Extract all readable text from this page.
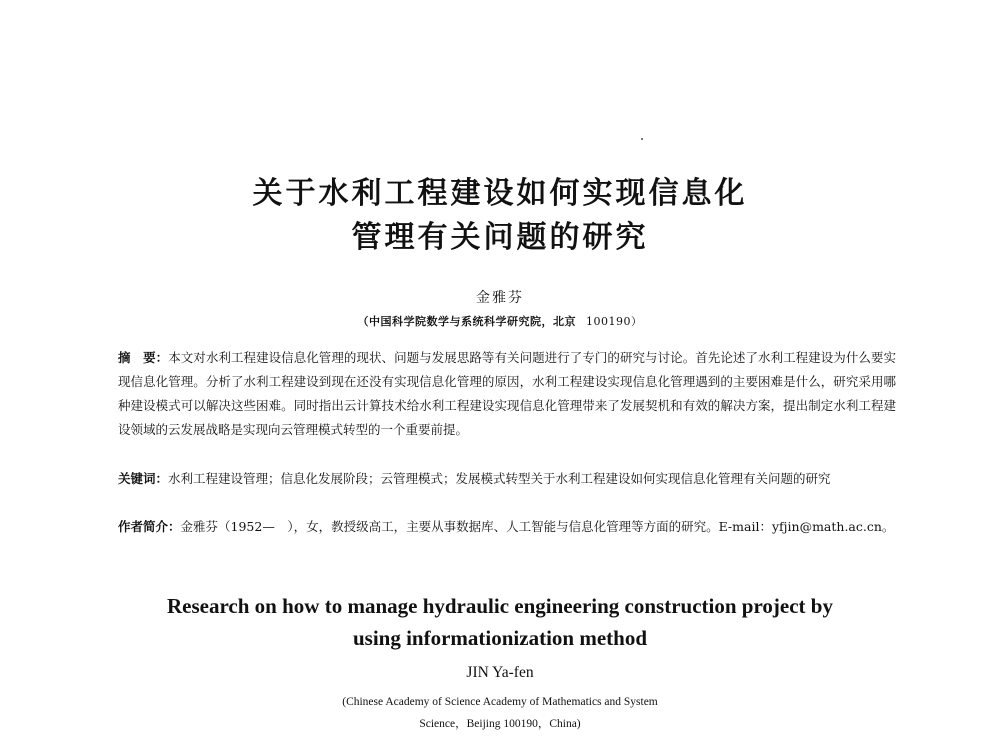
关于水利工程建设如何实现信息化
管理有关问题的研究
金雅芬
（中国科学院数学与系统科学研究院，北京 100190）
摘　要：本文对水利工程建设信息化管理的现状、问题与发展思路等有关问题进行了专门的研究与讨论。首先论述了水利工程建设为什么要实现信息化管理。分析了水利工程建设到现在还没有实现信息化管理的原因，水利工程建设实现信息化管理遇到的主要困难是什么，研究采用哪种建设模式可以解决这些困难。同时指出云计算技术给水利工程建设实现信息化管理带来了发展契机和有效的解决方案，提出制定水利工程建设领域的云发展战略是实现向云管理模式转型的一个重要前提。
关键词：水利工程建设管理；信息化发展阶段；云管理模式；发展模式转型关于水利工程建设如何实现信息化管理有关问题的研究
作者简介：金雅芬（1952—　），女，教授级高工，主要从事数据库、人工智能与信息化管理等方面的研究。E-mail：yfjin@math.ac.cn。
Research on how to manage hydraulic engineering construction project by
using informationization method
JIN Ya-fen
(Chinese Academy of Science Academy of Mathematics and System
Science，Beijing 100190，China)
